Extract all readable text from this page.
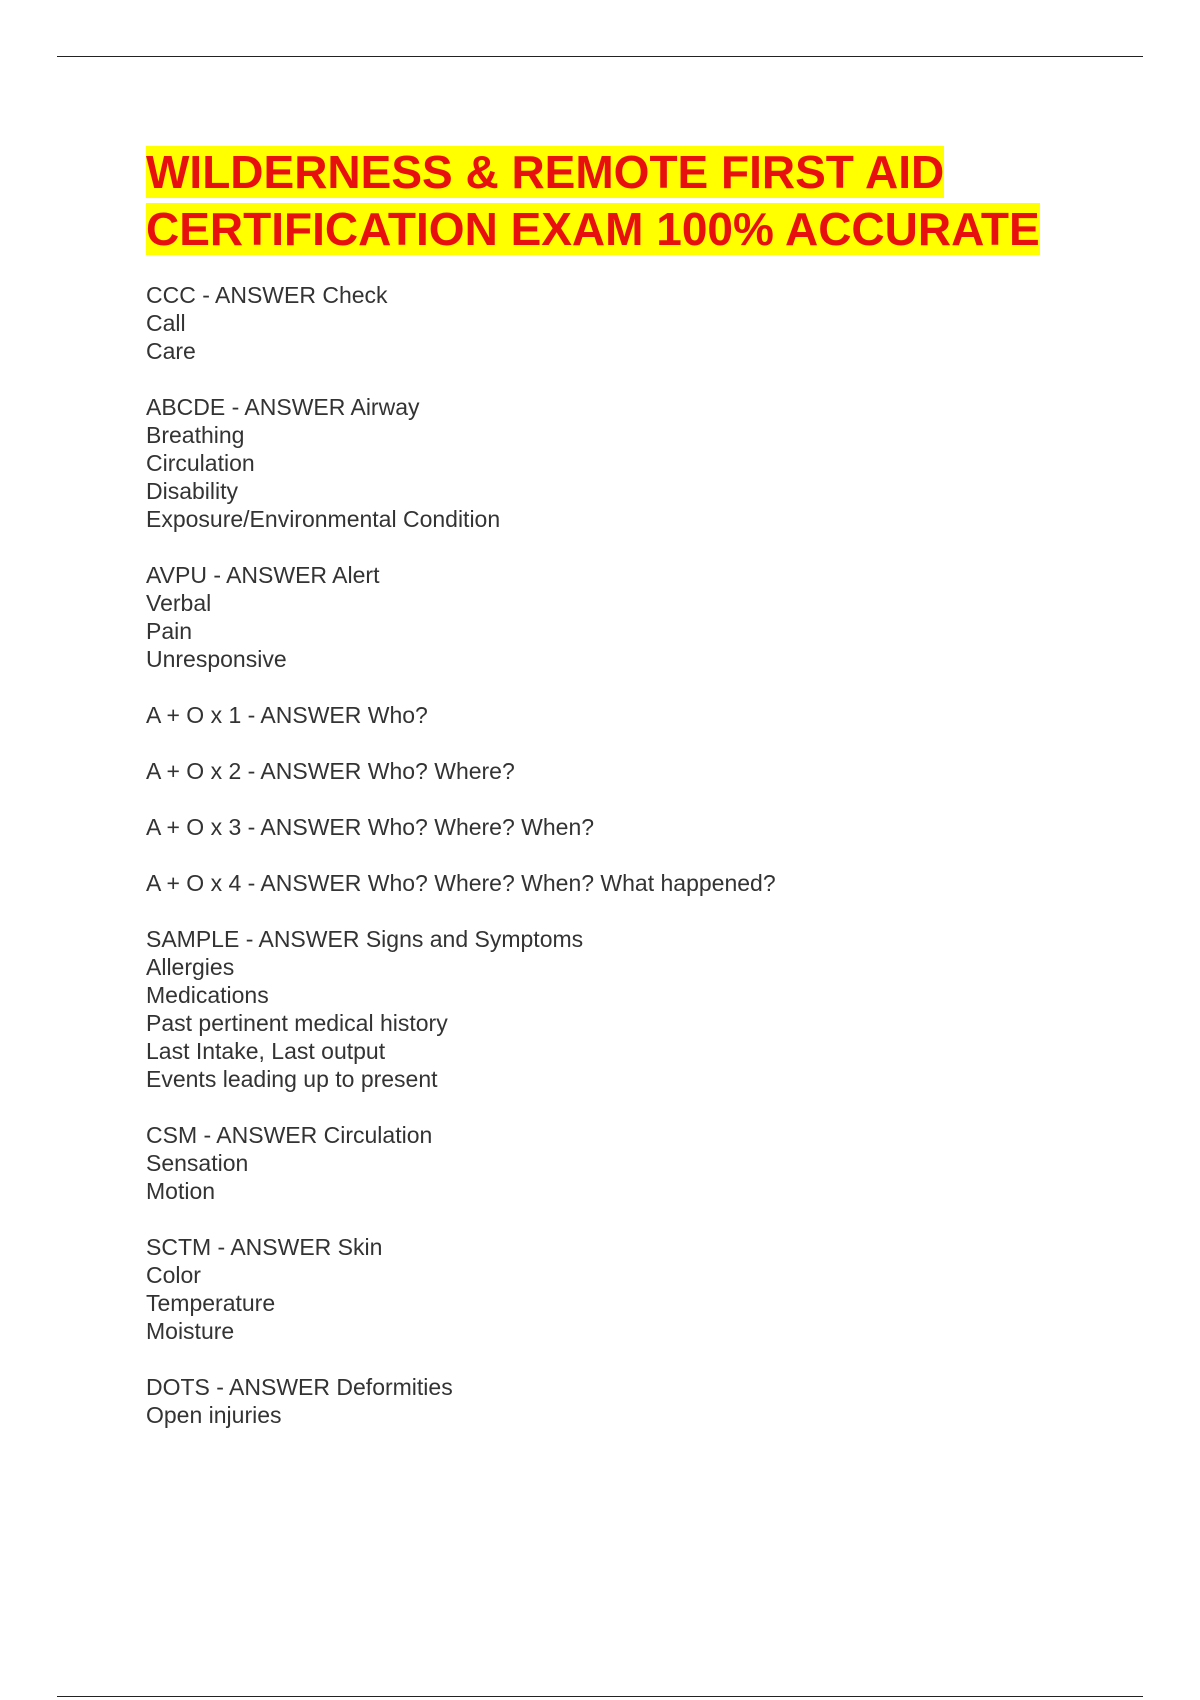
WILDERNESS & REMOTE FIRST AID
CERTIFICATION EXAM 100% ACCURATE
CCC - ANSWER Check
Call
Care
ABCDE - ANSWER Airway
Breathing
Circulation
Disability
Exposure/Environmental Condition
AVPU - ANSWER Alert
Verbal
Pain
Unresponsive
A + O x 1 - ANSWER Who?
A + O x 2 - ANSWER Who? Where?
A + O x 3 - ANSWER Who? Where? When?
A + O x 4 - ANSWER Who? Where? When? What happened?
SAMPLE - ANSWER Signs and Symptoms
Allergies
Medications
Past pertinent medical history
Last Intake, Last output
Events leading up to present
CSM - ANSWER Circulation
Sensation
Motion
SCTM - ANSWER Skin
Color
Temperature
Moisture
DOTS - ANSWER Deformities
Open injuries
